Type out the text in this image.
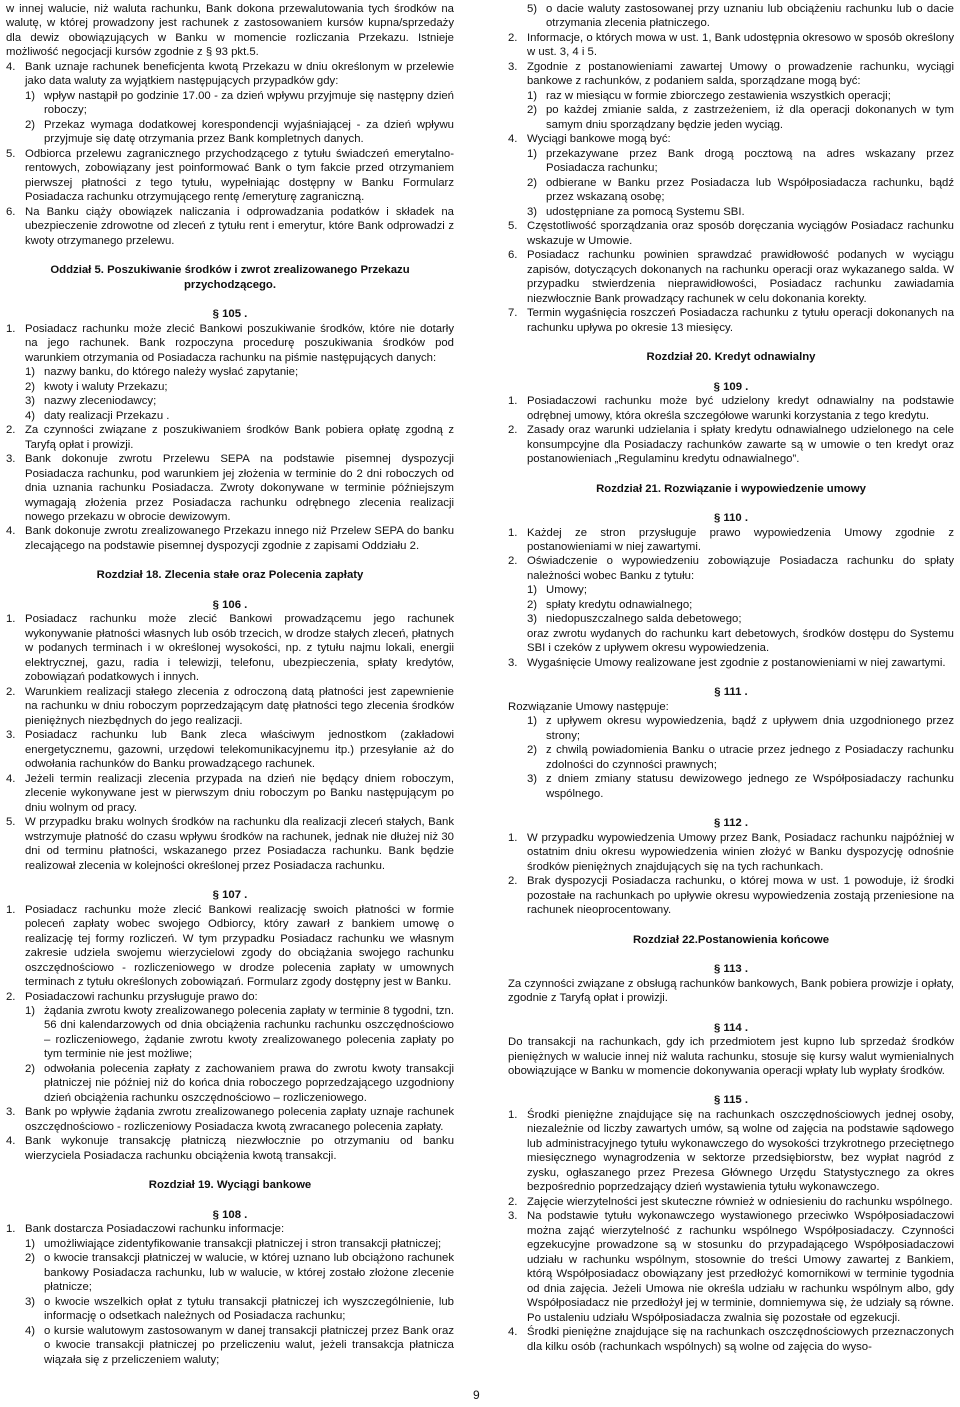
w innej walucie, niż waluta rachunku, Bank dokona przewalutowania tych środków na walutę, w której prowadzony jest rachunek z zastosowaniem kursów kupna/sprzedaży dla dewiz obowiązujących w Banku w momencie rozliczania Przekazu. Istnieje możliwość negocjacji kursów zgodnie z § 93 pkt.5.

4. Bank uznaje rachunek beneficjenta kwotą Przekazu w dniu określonym w przelewie jako data waluty za wyjątkiem następujących przypadków gdy:
1) wpływ nastąpił po godzinie 17.00 - za dzień wpływu przyjmuje się następny dzień roboczy;
2) Przekaz wymaga dodatkowej korespondencji wyjaśniającej - za dzień wpływu przyjmuje się datę otrzymania przez Bank kompletnych danych.
5. Odbiorca przelewu zagranicznego przychodzącego z tytułu świadczeń emerytalno-rentowych, zobowiązany jest poinformować Bank o tym fakcie przed otrzymaniem pierwszej płatności z tego tytułu, wypełniając dostępny w Banku Formularz Posiadacza rachunku otrzymującego rentę /emeryturę zagraniczną.
6. Na Banku ciąży obowiązek naliczania i odprowadzania podatków i składek na ubezpieczenie zdrowotne od zleceń z tytułu rent i emerytur, które Bank odprowadzi z kwoty otrzymanego przelewu.
Oddział 5. Poszukiwanie środków i zwrot zrealizowanego Przekazu przychodzącego.
§ 105 .
1. Posiadacz rachunku może zlecić Bankowi poszukiwanie środków, które nie dotarły na jego rachunek. Bank rozpoczyna procedurę poszukiwania środków pod warunkiem otrzymania od Posiadacza rachunku na piśmie następujących danych:
1) nazwy banku, do którego należy wysłać zapytanie;
2) kwoty i waluty Przekazu;
3) nazwy zleceniodawcy;
4) daty realizacji Przekazu .
2. Za czynności związane z poszukiwaniem środków Bank pobiera opłatę zgodną z Taryfą opłat i prowizji.
3. Bank dokonuje zwrotu Przelewu SEPA na podstawie pisemnej dyspozycji Posiadacza rachunku, pod warunkiem jej złożenia w terminie do 2 dni roboczych od dnia uznania rachunku Posiadacza. Zwroty dokonywane w terminie późniejszym wymagają złożenia przez Posiadacza rachunku odrębnego zlecenia realizacji nowego przekazu w obrocie dewizowym.
4. Bank dokonuje zwrotu zrealizowanego Przekazu innego niż Przelew SEPA do banku zlecającego na podstawie pisemnej dyspozycji zgodnie z zapisami Oddziału 2.
Rozdział 18. Zlecenia stałe oraz Polecenia zapłaty
§ 106 .
1. Posiadacz rachunku może zlecić Bankowi prowadzącemu jego rachunek wykonywanie płatności własnych lub osób trzecich, w drodze stałych zleceń, płatnych w podanych terminach i w określonej wysokości, np. z tytułu najmu lokali, energii elektrycznej, gazu, radia i telewizji, telefonu, ubezpieczenia, spłaty kredytów, zobowiązań podatkowych i innych.
2. Warunkiem realizacji stałego zlecenia z odroczoną datą płatności jest zapewnienie na rachunku w dniu roboczym poprzedzającym datę płatności tego zlecenia środków pieniężnych niezbędnych do jego realizacji.
3. Posiadacz rachunku lub Bank zleca właściwym jednostkom (zakładowi energetycznemu, gazowni, urzędowi telekomunikacyjnemu itp.) przesyłanie aż do odwołania rachunków do Banku prowadzącego rachunek.
4. Jeżeli termin realizacji zlecenia przypada na dzień nie będący dniem roboczym, zlecenie wykonywane jest w pierwszym dniu roboczym po Banku następującym po dniu wolnym od pracy.
5. W przypadku braku wolnych środków na rachunku dla realizacji zleceń stałych, Bank wstrzymuje płatność do czasu wpływu środków na rachunek, jednak nie dłużej niż 30 dni od terminu płatności, wskazanego przez Posiadacza rachunku. Bank będzie realizował zlecenia w kolejności określonej przez Posiadacza rachunku.
§ 107 .
1. Posiadacz rachunku może zlecić Bankowi realizację swoich płatności w formie poleceń zapłaty wobec swojego Odbiorcy, który zawarł z bankiem umowę o realizację tej formy rozliczeń. W tym przypadku Posiadacz rachunku we własnym zakresie udziela swojemu wierzycielowi zgody do obciążania swojego rachunku oszczędnościowo - rozliczeniowego w drodze polecenia zapłaty w umownych terminach z tytułu określonych zobowiązań. Formularz zgody dostępny jest w Banku.
2. Posiadaczowi rachunku przysługuje prawo do:
1) żądania zwrotu kwoty zrealizowanego polecenia zapłaty w terminie 8 tygodni, tzn. 56 dni kalendarzowych od dnia obciążenia rachunku rachunku oszczędnościowo – rozliczeniowego, żądanie zwrotu kwoty zrealizowanego polecenia zapłaty po tym terminie nie jest możliwe;
2) odwołania polecenia zapłaty z zachowaniem prawa do zwrotu kwoty transakcji płatniczej nie później niż do końca dnia roboczego poprzedzającego uzgodniony dzień obciążenia rachunku oszczędnościowo – rozliczeniowego.
3. Bank po wpływie żądania zwrotu zrealizowanego polecenia zapłaty uznaje rachunek oszczędnościowo - rozliczeniowy Posiadacza kwotą zwracanego polecenia zapłaty.
4. Bank wykonuje transakcję płatniczą niezwłocznie po otrzymaniu od banku wierzyciela Posiadacza rachunku obciążenia kwotą transakcji.
Rozdział 19. Wyciągi bankowe
§ 108 .
1. Bank dostarcza Posiadaczowi rachunku informacje:
1) umożliwiające zidentyfikowanie transakcji płatniczej i stron transakcji płatniczej;
2) o kwocie transakcji płatniczej w walucie, w której uznano lub obciążono rachunek bankowy Posiadacza rachunku, lub w walucie, w której zostało złożone zlecenie płatnicze;
3) o kwocie wszelkich opłat z tytułu transakcji płatniczej ich wyszczególnienie, lub informację o odsetkach należnych od Posiadacza rachunku;
4) o kursie walutowym zastosowanym w danej transakcji płatniczej przez Bank oraz o kwocie transakcji płatniczej po przeliczeniu walut, jeżeli transakcja płatnicza wiązała się z przeliczeniem waluty;
5) o dacie waluty zastosowanej przy uznaniu lub obciążeniu rachunku lub o dacie otrzymania zlecenia płatniczego.
2. Informacje, o których mowa w ust. 1, Bank udostępnia okresowo w sposób określony w ust. 3, 4 i 5.
3. Zgodnie z postanowieniami zawartej Umowy o prowadzenie rachunku, wyciągi bankowe z rachunków, z podaniem salda, sporządzane mogą być:
1) raz w miesiącu w formie zbiorczego zestawienia wszystkich operacji;
2) po każdej zmianie salda, z zastrzeżeniem, iż dla operacji dokonanych w tym samym dniu sporządzany będzie jeden wyciąg.
4. Wyciągi bankowe mogą być:
1) przekazywane przez Bank drogą pocztową na adres wskazany przez Posiadacza rachunku;
2) odbierane w Banku przez Posiadacza lub Współposiadacza rachunku, bądź przez wskazaną osobę;
3) udostępniane za pomocą Systemu SBI.
5. Częstotliwość sporządzania oraz sposób doręczania wyciągów Posiadacz rachunku wskazuje w Umowie.
6. Posiadacz rachunku powinien sprawdzać prawidłowość podanych w wyciągu zapisów, dotyczących dokonanych na rachunku operacji oraz wykazanego salda. W przypadku stwierdzenia nieprawidłowości, Posiadacz rachunku zawiadamia niezwłocznie Bank prowadzący rachunek w celu dokonania korekty.
7. Termin wygaśnięcia roszczeń Posiadacza rachunku z tytułu operacji dokonanych na rachunku upływa po okresie 13 miesięcy.
Rozdział 20. Kredyt odnawialny
§ 109 .
1. Posiadaczowi rachunku może być udzielony kredyt odnawialny na podstawie odrębnej umowy, która określa szczegółowe warunki korzystania z tego kredytu.
2. Zasady oraz warunki udzielania i spłaty kredytu odnawialnego udzielonego na cele konsumpcyjne dla Posiadaczy rachunków zawarte są w umowie o ten kredyt oraz postanowieniach „Regulaminu kredytu odnawialnego”.
Rozdział 21. Rozwiązanie i wypowiedzenie umowy
§ 110 .
1. Każdej ze stron przysługuje prawo wypowiedzenia Umowy zgodnie z postanowieniami w niej zawartymi.
2. Oświadczenie o wypowiedzeniu zobowiązuje Posiadacza rachunku do spłaty należności wobec Banku z tytułu:
1) Umowy;
2) spłaty kredytu odnawialnego;
3) niedopuszczalnego salda debetowego;

oraz zwrotu wydanych do rachunku kart debetowych, środków dostępu do Systemu SBI i czeków z upływem okresu wypowiedzenia.

3. Wygaśnięcie Umowy realizowane jest zgodnie z postanowieniami w niej zawartymi.
§ 111 .

Rozwiązanie Umowy następuje:

1) z upływem okresu wypowiedzenia, bądź z upływem dnia uzgodnionego przez strony;
2) z chwilą powiadomienia Banku o utracie przez jednego z Posiadaczy rachunku zdolności do czynności prawnych;
3) z dniem zmiany statusu dewizowego jednego ze Współposiadaczy rachunku wspólnego.
§ 112 .
1. W przypadku wypowiedzenia Umowy przez Bank, Posiadacz rachunku najpóźniej w ostatnim dniu okresu wypowiedzenia winien złożyć w Banku dyspozycję odnośnie środków pieniężnych znajdujących się na tych rachunkach.
2. Brak dyspozycji Posiadacza rachunku, o której mowa w ust. 1 powoduje, iż środki pozostałe na rachunkach po upływie okresu wypowiedzenia zostają przeniesione na rachunek nieoprocentowany.
Rozdział 22.Postanowienia końcowe
§ 113 .

Za czynności związane z obsługą rachunków bankowych, Bank pobiera prowizje i opłaty, zgodnie z Taryfą opłat i prowizji.

§ 114 .

Do transakcji na rachunkach, gdy ich przedmiotem jest kupno lub sprzedaż środków pieniężnych w walucie innej niż waluta rachunku, stosuje się kursy walut wymienialnych obowiązujące w Banku w momencie dokonywania operacji wpłaty lub wypłaty środków.

§ 115 .
1. Środki pieniężne znajdujące się na rachunkach oszczędnościowych jednej osoby, niezależnie od liczby zawartych umów, są wolne od zajęcia na podstawie sądowego lub administracyjnego tytułu wykonawczego do wysokości trzykrotnego przeciętnego miesięcznego wynagrodzenia w sektorze przedsiębiorstw, bez wypłat nagród z zysku, ogłaszanego przez Prezesa Głównego Urzędu Statystycznego za okres bezpośrednio poprzedzający dzień wystawienia tytułu wykonawczego.
2. Zajęcie wierzytelności jest skuteczne również w odniesieniu do rachunku wspólnego.
3. Na podstawie tytułu wykonawczego wystawionego przeciwko Współposiadaczowi można zająć wierzytelność z rachunku wspólnego Współposiadaczy. Czynności egzekucyjne prowadzone są w stosunku do przypadającego Współposiadaczowi udziału w rachunku wspólnym, stosownie do treści Umowy zawartej z Bankiem, którą Współposiadacz obowiązany jest przedłożyć komornikowi w terminie tygodnia od dnia zajęcia. Jeżeli Umowa nie określa udziału w rachunku wspólnym albo, gdy Współposiadacz nie przedłożył jej w terminie, domniemywa się, że udziały są równe. Po ustaleniu udziału Współposiadacza zwalnia się pozostałe od egzekucji.
4. Środki pieniężne znajdujące się na rachunkach oszczędnościowych przeznaczonych dla kilku osób (rachunkach wspólnych) są wolne od zajęcia do wyso-
9
